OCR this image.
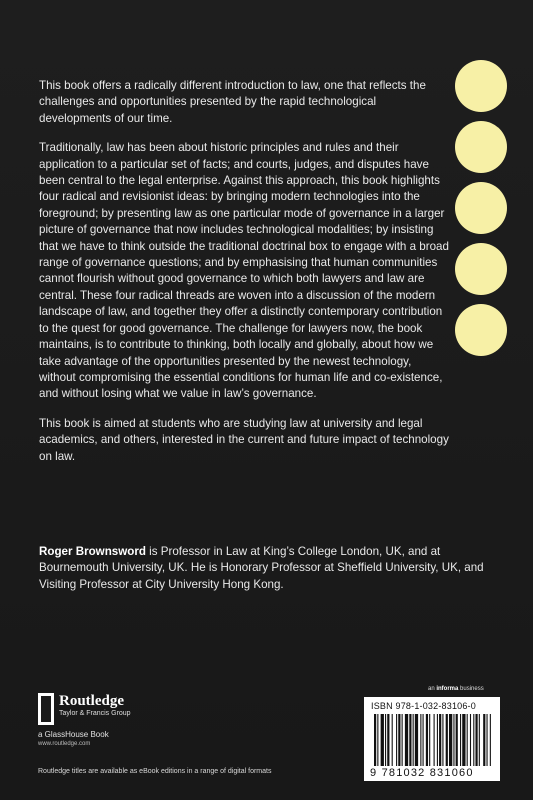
This book offers a radically different introduction to law, one that reflects the challenges and opportunities presented by the rapid technological developments of our time.

Traditionally, law has been about historic principles and rules and their application to a particular set of facts; and courts, judges, and disputes have been central to the legal enterprise. Against this approach, this book highlights four radical and revisionist ideas: by bringing modern technologies into the foreground; by presenting law as one particular mode of governance in a larger picture of governance that now includes technological modalities; by insisting that we have to think outside the traditional doctrinal box to engage with a broad range of governance questions; and by emphasising that human communities cannot flourish without good governance to which both lawyers and law are central. These four radical threads are woven into a discussion of the modern landscape of law, and together they offer a distinctly contemporary contribution to the quest for good governance. The challenge for lawyers now, the book maintains, is to contribute to thinking, both locally and globally, about how we take advantage of the opportunities presented by the newest technology, without compromising the essential conditions for human life and co-existence, and without losing what we value in law’s governance.

This book is aimed at students who are studying law at university and legal academics, and others, interested in the current and future impact of technology on law.

Roger Brownsword is Professor in Law at King’s College London, UK, and at Bournemouth University, UK. He is Honorary Professor at Sheffield University, UK, and Visiting Professor at City University Hong Kong.
Routledge
Taylor & Francis Group
a GlassHouse Book
www.routledge.com
Routledge titles are available as eBook editions in a range of digital formats
an informa business
ISBN 978-1-032-83106-0
9 781032 831060
